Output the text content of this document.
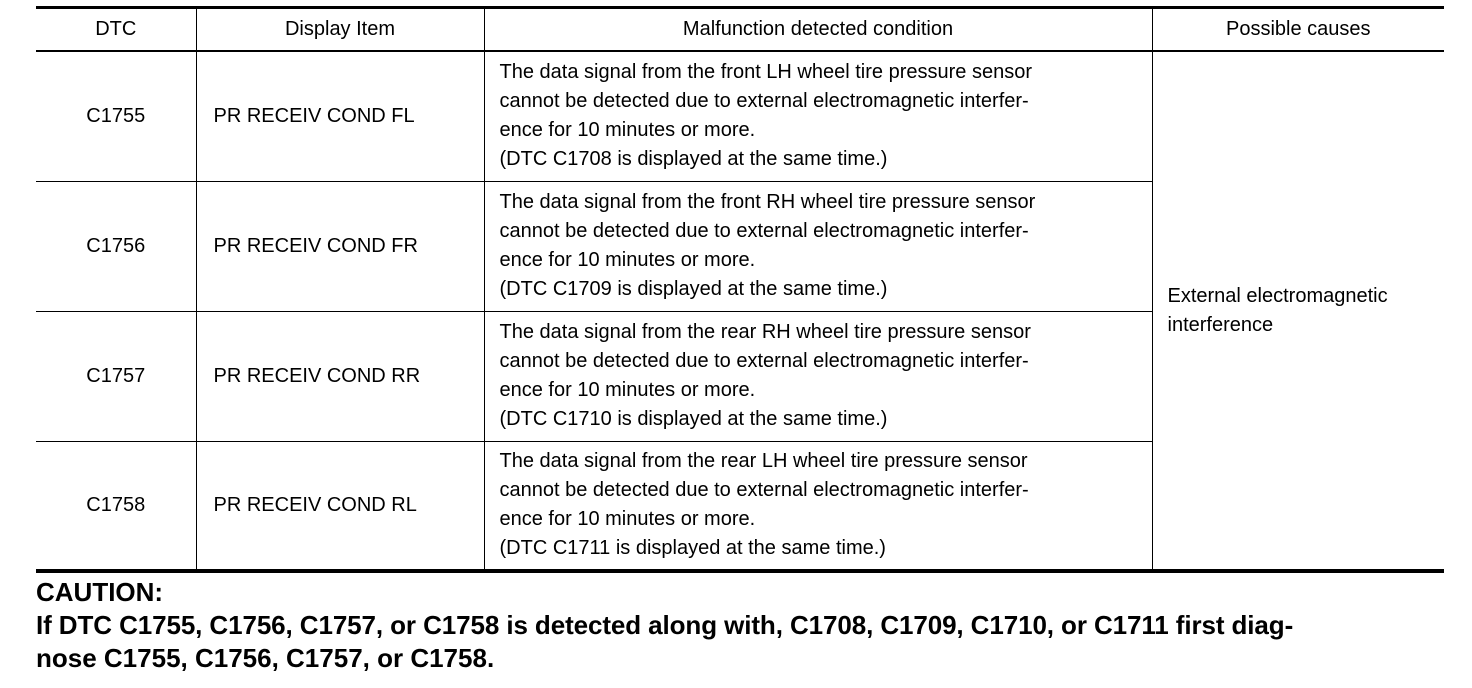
DTC	Display Item	Malfunction detected condition	Possible causes
C1755	PR RECEIV COND FL	The data signal from the front LH wheel tire pressure sensor
cannot be detected due to external electromagnetic interfer-
ence for 10 minutes or more.
(DTC C1708 is displayed at the same time.)	External electromagnetic
interference

C1756	PR RECEIV COND FR	The data signal from the front RH wheel tire pressure sensor
cannot be detected due to external electromagnetic interfer-
ence for 10 minutes or more.
(DTC C1709 is displayed at the same time.)	

C1757	PR RECEIV COND RR	The data signal from the rear RH wheel tire pressure sensor
cannot be detected due to external electromagnetic interfer-
ence for 10 minutes or more.
(DTC C1710 is displayed at the same time.)	

C1758	PR RECEIV COND RL	The data signal from the rear LH wheel tire pressure sensor
cannot be detected due to external electromagnetic interfer-
ence for 10 minutes or more.
(DTC C1711 is displayed at the same time.)	
CAUTION:
If DTC C1755, C1756, C1757, or C1758 is detected along with, C1708, C1709, C1710, or C1711 first diag-
nose C1755, C1756, C1757, or C1758.
